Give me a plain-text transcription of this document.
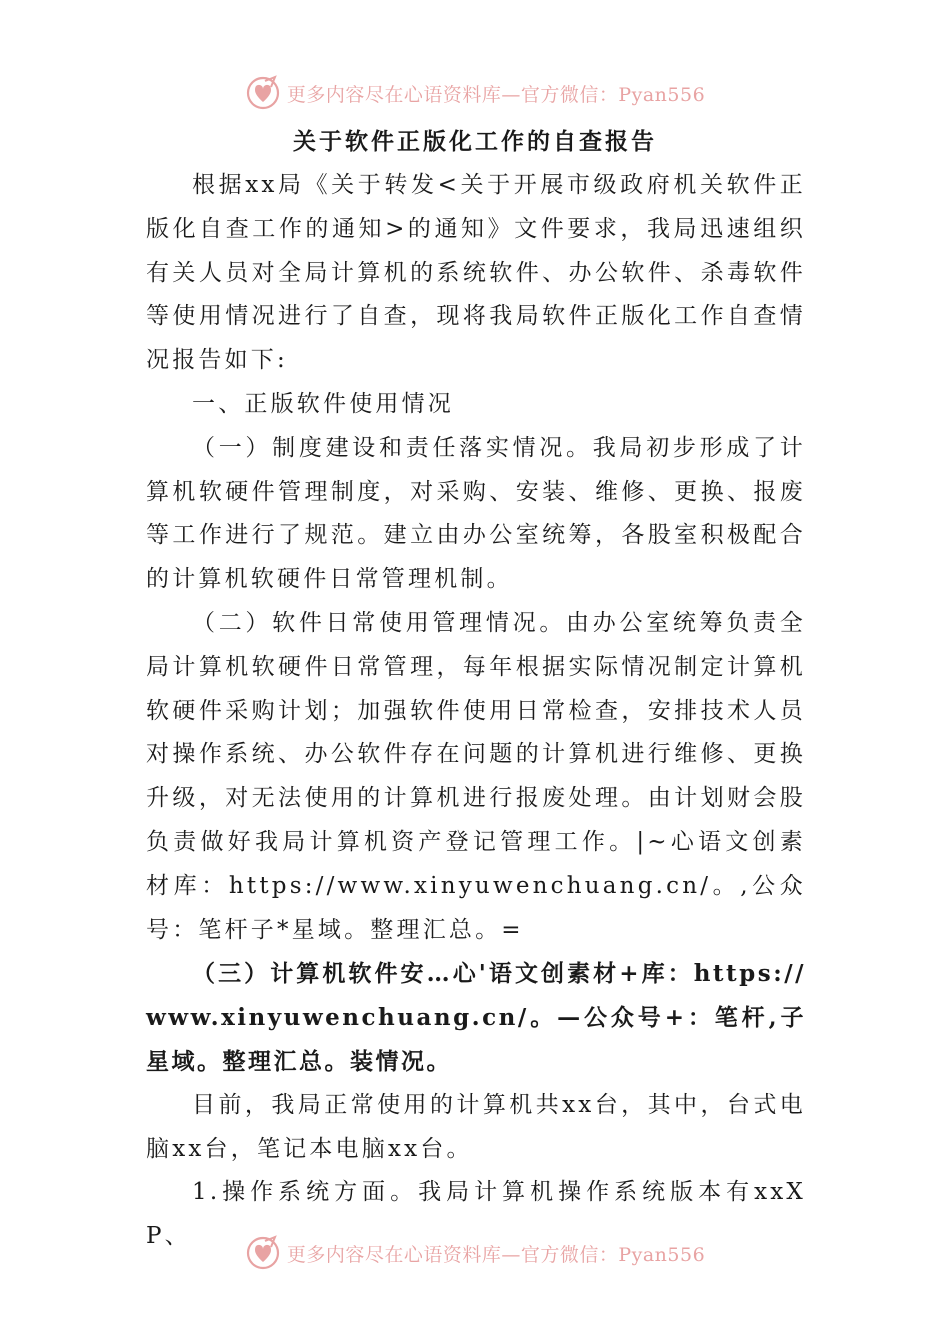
更多内容尽在心语资料库—官方微信：Pyan556
关于软件正版化工作的自查报告

根据xx局《关于转发<关于开展市级政府机关软件正版化自查工作的通知>的通知》文件要求，我局迅速组织有关人员对全局计算机的系统软件、办公软件、杀毒软件等使用情况进行了自查，现将我局软件正版化工作自查情况报告如下:

一、正版软件使用情况

（一）制度建设和责任落实情况。我局初步形成了计算机软硬件管理制度，对采购、安装、维修、更换、报废等工作进行了规范。建立由办公室统筹，各股室积极配合的计算机软硬件日常管理机制。

（二）软件日常使用管理情况。由办公室统筹负责全局计算机软硬件日常管理，每年根据实际情况制定计算机软硬件采购计划；加强软件使用日常检查，安排技术人员对操作系统、办公软件存在问题的计算机进行维修、更换升级，对无法使用的计算机进行报废处理。由计划财会股负责做好我局计算机资产登记管理工作。|~心语文创素材库：https://www.xinyuwenchuang.cn/。,公众号：笔杆子*星域。整理汇总。=

（三）计算机软件安…心'语文创素材+库：https://www.xinyuwenchuang.cn/。—公众号+：笔杆,子星域。整理汇总。装情况。

目前，我局正常使用的计算机共xx台，其中，台式电脑xx台，笔记本电脑xx台。

1.操作系统方面。我局计算机操作系统版本有xxXP、

更多内容尽在心语资料库—官方微信：Pyan556
